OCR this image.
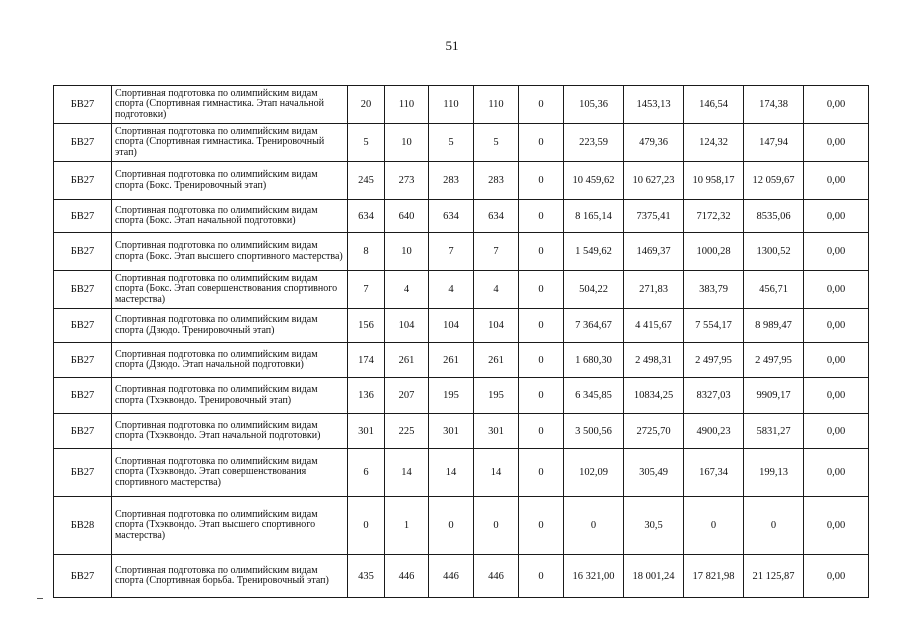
51
БВ27	Спортивная подготовка по олимпийским видам спорта (Спортивная гимнастика. Этап начальной подготовки)	20	110	110	110	0	105,36	1453,13	146,54	174,38	0,00
БВ27	Спортивная подготовка по олимпийским видам спорта (Спортивная гимнастика. Тренировочный этап)	5	10	5	5	0	223,59	479,36	124,32	147,94	0,00
БВ27	Спортивная подготовка по олимпийским видам спорта (Бокс. Тренировочный этап)	245	273	283	283	0	10 459,62	10 627,23	10 958,17	12 059,67	0,00
БВ27	Спортивная подготовка по олимпийским видам спорта (Бокс. Этап начальной подготовки)	634	640	634	634	0	8 165,14	7375,41	7172,32	8535,06	0,00
БВ27	Спортивная подготовка по олимпийским видам спорта (Бокс. Этап высшего спортивного мастерства)	8	10	7	7	0	1 549,62	1469,37	1000,28	1300,52	0,00
БВ27	Спортивная подготовка по олимпийским видам спорта (Бокс. Этап совершенствования спортивного мастерства)	7	4	4	4	0	504,22	271,83	383,79	456,71	0,00
БВ27	Спортивная подготовка по олимпийским видам спорта (Дзюдо. Тренировочный этап)	156	104	104	104	0	7 364,67	4 415,67	7 554,17	8 989,47	0,00
БВ27	Спортивная подготовка по олимпийским видам спорта (Дзюдо. Этап начальной подготовки)	174	261	261	261	0	1 680,30	2 498,31	2 497,95	2 497,95	0,00
БВ27	Спортивная подготовка по олимпийским видам спорта (Тхэквондо. Тренировочный этап)	136	207	195	195	0	6 345,85	10834,25	8327,03	9909,17	0,00
БВ27	Спортивная подготовка по олимпийским видам спорта (Тхэквондо. Этап начальной подготовки)	301	225	301	301	0	3 500,56	2725,70	4900,23	5831,27	0,00
БВ27	Спортивная подготовка по олимпийским видам спорта (Тхэквондо. Этап совершенствования спортивного мастерства)	6	14	14	14	0	102,09	305,49	167,34	199,13	0,00
БВ28	Спортивная подготовка по олимпийским видам спорта (Тхэквондо. Этап высшего спортивного мастерства)	0	1	0	0	0	0	30,5	0	0	0,00
БВ27	Спортивная подготовка по олимпийским видам спорта (Спортивная борьба. Тренировочный этап)	435	446	446	446	0	16 321,00	18 001,24	17 821,98	21 125,87	0,00
